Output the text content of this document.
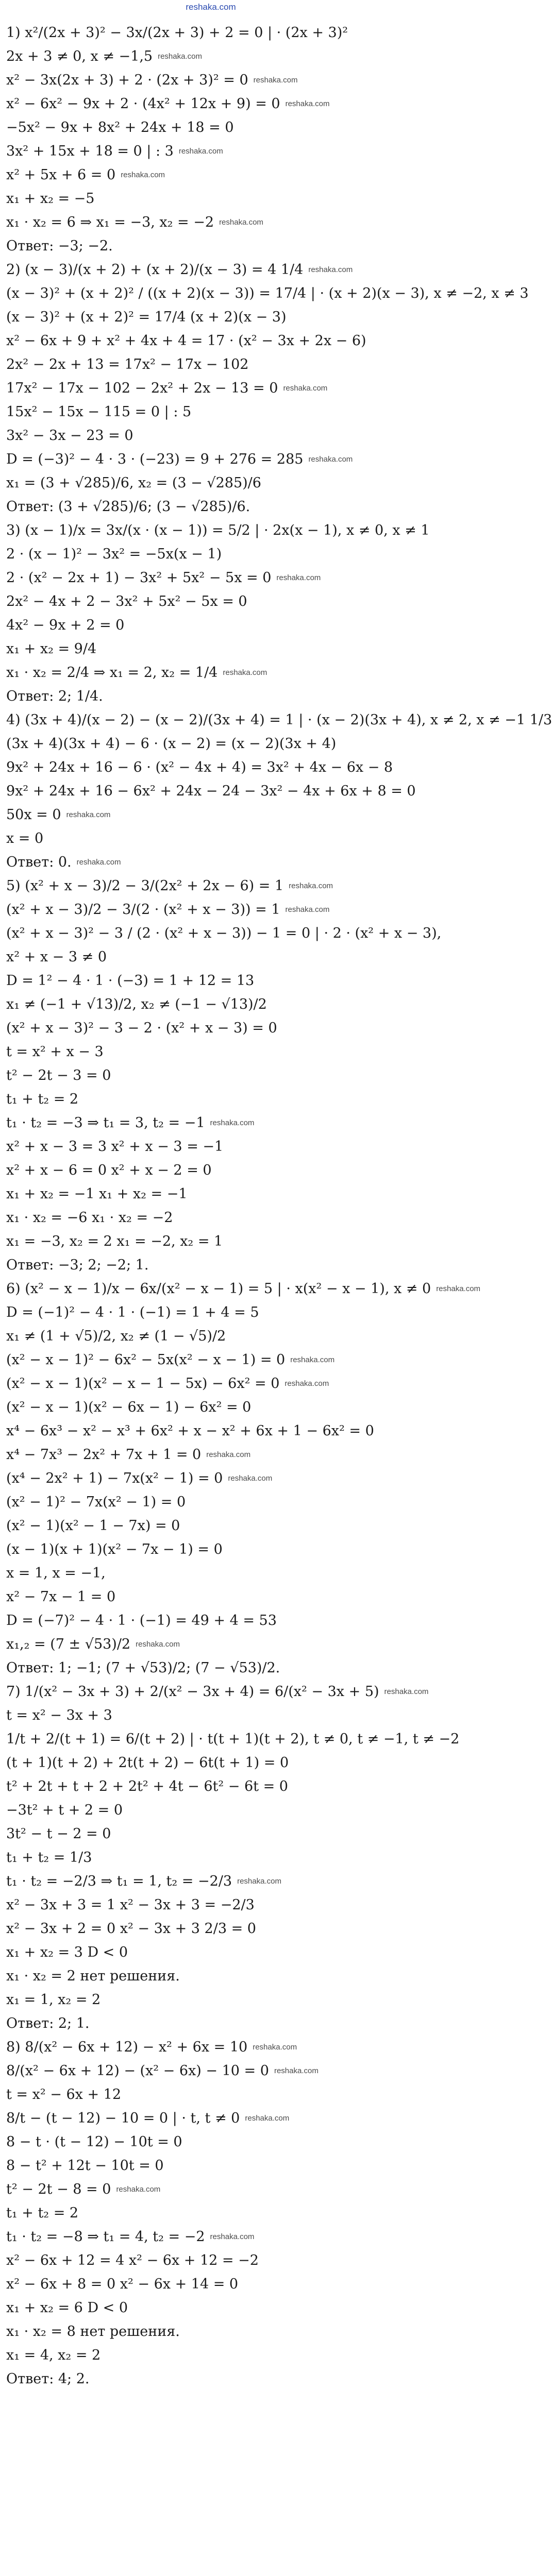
reshaka.com
1) x²/(2x + 3)² − 3x/(2x + 3) + 2 = 0 | · (2x + 3)²
2x + 3 ≠ 0, x ≠ −1,5 reshaka.com
x² − 3x(2x + 3) + 2 · (2x + 3)² = 0 reshaka.com
x² − 6x² − 9x + 2 · (4x² + 12x + 9) = 0 reshaka.com
−5x² − 9x + 8x² + 24x + 18 = 0
3x² + 15x + 18 = 0 | : 3 reshaka.com
x² + 5x + 6 = 0 reshaka.com
x₁ + x₂ = −5
x₁ · x₂ = 6 ⇒ x₁ = −3, x₂ = −2 reshaka.com
Ответ: −3; −2.
2) (x − 3)/(x + 2) + (x + 2)/(x − 3) = 4 1/4 reshaka.com
(x − 3)² + (x + 2)² / ((x + 2)(x − 3)) = 17/4 | · (x + 2)(x − 3), x ≠ −2, x ≠ 3
(x − 3)² + (x + 2)² = 17/4 (x + 2)(x − 3)
x² − 6x + 9 + x² + 4x + 4 = 17 · (x² − 3x + 2x − 6)
2x² − 2x + 13 = 17x² − 17x − 102
17x² − 17x − 102 − 2x² + 2x − 13 = 0 reshaka.com
15x² − 15x − 115 = 0 | : 5
3x² − 3x − 23 = 0
D = (−3)² − 4 · 3 · (−23) = 9 + 276 = 285 reshaka.com
x₁ = (3 + √285)/6, x₂ = (3 − √285)/6
Ответ: (3 + √285)/6; (3 − √285)/6.
3) (x − 1)/x = 3x/(x · (x − 1)) = 5/2 | · 2x(x − 1), x ≠ 0, x ≠ 1
2 · (x − 1)² − 3x² = −5x(x − 1)
2 · (x² − 2x + 1) − 3x² + 5x² − 5x = 0 reshaka.com
2x² − 4x + 2 − 3x² + 5x² − 5x = 0
4x² − 9x + 2 = 0
x₁ + x₂ = 9/4
x₁ · x₂ = 2/4 ⇒ x₁ = 2, x₂ = 1/4 reshaka.com
Ответ: 2; 1/4.
4) (3x + 4)/(x − 2) − (x − 2)/(3x + 4) = 1 | · (x − 2)(3x + 4), x ≠ 2, x ≠ −1 1/3
(3x + 4)(3x + 4) − 6 · (x − 2) = (x − 2)(3x + 4)
9x² + 24x + 16 − 6 · (x² − 4x + 4) = 3x² + 4x − 6x − 8
9x² + 24x + 16 − 6x² + 24x − 24 − 3x² − 4x + 6x + 8 = 0
50x = 0 reshaka.com
x = 0
Ответ: 0. reshaka.com
5) (x² + x − 3)/2 − 3/(2x² + 2x − 6) = 1 reshaka.com
(x² + x − 3)/2 − 3/(2 · (x² + x − 3)) = 1 reshaka.com
(x² + x − 3)² − 3 / (2 · (x² + x − 3)) − 1 = 0 | · 2 · (x² + x − 3),
x² + x − 3 ≠ 0
D = 1² − 4 · 1 · (−3) = 1 + 12 = 13
x₁ ≠ (−1 + √13)/2, x₂ ≠ (−1 − √13)/2
(x² + x − 3)² − 3 − 2 · (x² + x − 3) = 0
t = x² + x − 3
t² − 2t − 3 = 0
t₁ + t₂ = 2
t₁ · t₂ = −3 ⇒ t₁ = 3, t₂ = −1 reshaka.com
x² + x − 3 = 3 x² + x − 3 = −1
x² + x − 6 = 0 x² + x − 2 = 0
x₁ + x₂ = −1 x₁ + x₂ = −1
x₁ · x₂ = −6 x₁ · x₂ = −2
x₁ = −3, x₂ = 2 x₁ = −2, x₂ = 1
Ответ: −3; 2; −2; 1.
6) (x² − x − 1)/x − 6x/(x² − x − 1) = 5 | · x(x² − x − 1), x ≠ 0 reshaka.com
D = (−1)² − 4 · 1 · (−1) = 1 + 4 = 5
x₁ ≠ (1 + √5)/2, x₂ ≠ (1 − √5)/2
(x² − x − 1)² − 6x² − 5x(x² − x − 1) = 0 reshaka.com
(x² − x − 1)(x² − x − 1 − 5x) − 6x² = 0 reshaka.com
(x² − x − 1)(x² − 6x − 1) − 6x² = 0
x⁴ − 6x³ − x² − x³ + 6x² + x − x² + 6x + 1 − 6x² = 0
x⁴ − 7x³ − 2x² + 7x + 1 = 0 reshaka.com
(x⁴ − 2x² + 1) − 7x(x² − 1) = 0 reshaka.com
(x² − 1)² − 7x(x² − 1) = 0
(x² − 1)(x² − 1 − 7x) = 0
(x − 1)(x + 1)(x² − 7x − 1) = 0
x = 1, x = −1,
x² − 7x − 1 = 0
D = (−7)² − 4 · 1 · (−1) = 49 + 4 = 53
x₁,₂ = (7 ± √53)/2 reshaka.com
Ответ: 1; −1; (7 + √53)/2; (7 − √53)/2.
7) 1/(x² − 3x + 3) + 2/(x² − 3x + 4) = 6/(x² − 3x + 5) reshaka.com
t = x² − 3x + 3
1/t + 2/(t + 1) = 6/(t + 2) | · t(t + 1)(t + 2), t ≠ 0, t ≠ −1, t ≠ −2
(t + 1)(t + 2) + 2t(t + 2) − 6t(t + 1) = 0
t² + 2t + t + 2 + 2t² + 4t − 6t² − 6t = 0
−3t² + t + 2 = 0
3t² − t − 2 = 0
t₁ + t₂ = 1/3
t₁ · t₂ = −2/3 ⇒ t₁ = 1, t₂ = −2/3 reshaka.com
x² − 3x + 3 = 1 x² − 3x + 3 = −2/3
x² − 3x + 2 = 0 x² − 3x + 3 2/3 = 0
x₁ + x₂ = 3 D < 0
x₁ · x₂ = 2 нет решения.
x₁ = 1, x₂ = 2
Ответ: 2; 1.
8) 8/(x² − 6x + 12) − x² + 6x = 10 reshaka.com
8/(x² − 6x + 12) − (x² − 6x) − 10 = 0 reshaka.com
t = x² − 6x + 12
8/t − (t − 12) − 10 = 0 | · t, t ≠ 0 reshaka.com
8 − t · (t − 12) − 10t = 0
8 − t² + 12t − 10t = 0
t² − 2t − 8 = 0 reshaka.com
t₁ + t₂ = 2
t₁ · t₂ = −8 ⇒ t₁ = 4, t₂ = −2 reshaka.com
x² − 6x + 12 = 4 x² − 6x + 12 = −2
x² − 6x + 8 = 0 x² − 6x + 14 = 0
x₁ + x₂ = 6 D < 0
x₁ · x₂ = 8 нет решения.
x₁ = 4, x₂ = 2
Ответ: 4; 2.
